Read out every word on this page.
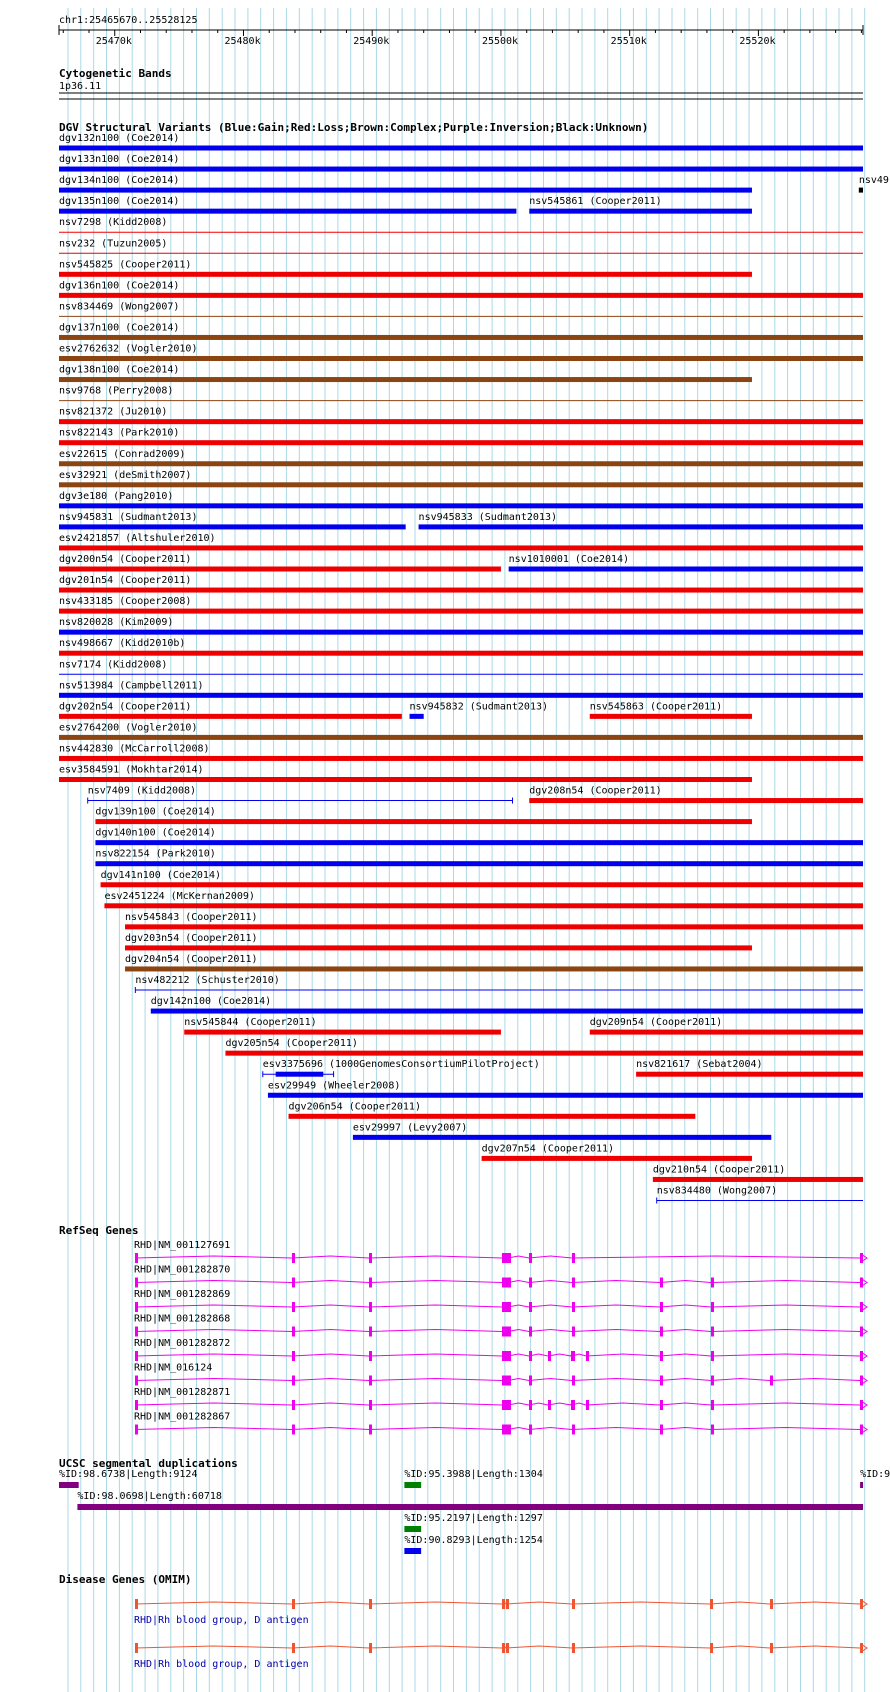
chr1:25465670..25528125
25470k	25480k	25490k	25500k	25510k	25520k
Cytogenetic Bands
1p36.11
DGV Structural Variants (Blue:Gain;Red:Loss;Brown:Complex;Purple:Inversion;Black:Unknown)
dgv132n100 (Coe2014)
dgv133n100 (Coe2014)
dgv134n100 (Coe2014)	nsv49
dgv135n100 (Coe2014)	nsv545861 (Cooper2011)
nsv7298 (Kidd2008)
nsv232 (Tuzun2005)
nsv545825 (Cooper2011)
dgv136n100 (Coe2014)
nsv834469 (Wong2007)
dgv137n100 (Coe2014)
esv2762632 (Vogler2010)
dgv138n100 (Coe2014)
nsv9768 (Perry2008)
nsv821372 (Ju2010)
nsv822143 (Park2010)
esv22615 (Conrad2009)
esv32921 (deSmith2007)
dgv3e180 (Pang2010)
nsv945831 (Sudmant2013)	nsv945833 (Sudmant2013)
esv2421857 (Altshuler2010)
dgv200n54 (Cooper2011)	nsv1010001 (Coe2014)
dgv201n54 (Cooper2011)
nsv433185 (Cooper2008)
nsv820028 (Kim2009)
nsv498667 (Kidd2010b)
nsv7174 (Kidd2008)
nsv513984 (Campbell2011)
dgv202n54 (Cooper2011)	nsv945832 (Sudmant2013)	nsv545863 (Cooper2011)
esv2764200 (Vogler2010)
nsv442830 (McCarroll2008)
esv3584591 (Mokhtar2014)
nsv7409 (Kidd2008)	dgv208n54 (Cooper2011)
dgv139n100 (Coe2014)
dgv140n100 (Coe2014)
nsv822154 (Park2010)
dgv141n100 (Coe2014)
esv2451224 (McKernan2009)
nsv545843 (Cooper2011)
dgv203n54 (Cooper2011)
dgv204n54 (Cooper2011)
nsv482212 (Schuster2010)
dgv142n100 (Coe2014)
nsv545844 (Cooper2011)	dgv209n54 (Cooper2011)
dgv205n54 (Cooper2011)
esv3375696 (1000GenomesConsortiumPilotProject)	nsv821617 (Sebat2004)
esv29949 (Wheeler2008)
dgv206n54 (Cooper2011)
esv29997 (Levy2007)
dgv207n54 (Cooper2011)
dgv210n54 (Cooper2011)
nsv834480 (Wong2007)
RefSeq Genes
RHD|NM_001127691
RHD|NM_001282870
RHD|NM_001282869
RHD|NM_001282868
RHD|NM_001282872
RHD|NM_016124
RHD|NM_001282871
RHD|NM_001282867
UCSC segmental duplications
%ID:98.6738|Length:9124	%ID:95.3988|Length:1304	%ID:9
%ID:98.0698|Length:60718
%ID:95.2197|Length:1297
%ID:90.8293|Length:1254
Disease Genes (OMIM)
RHD|Rh blood group, D antigen
RHD|Rh blood group, D antigen
